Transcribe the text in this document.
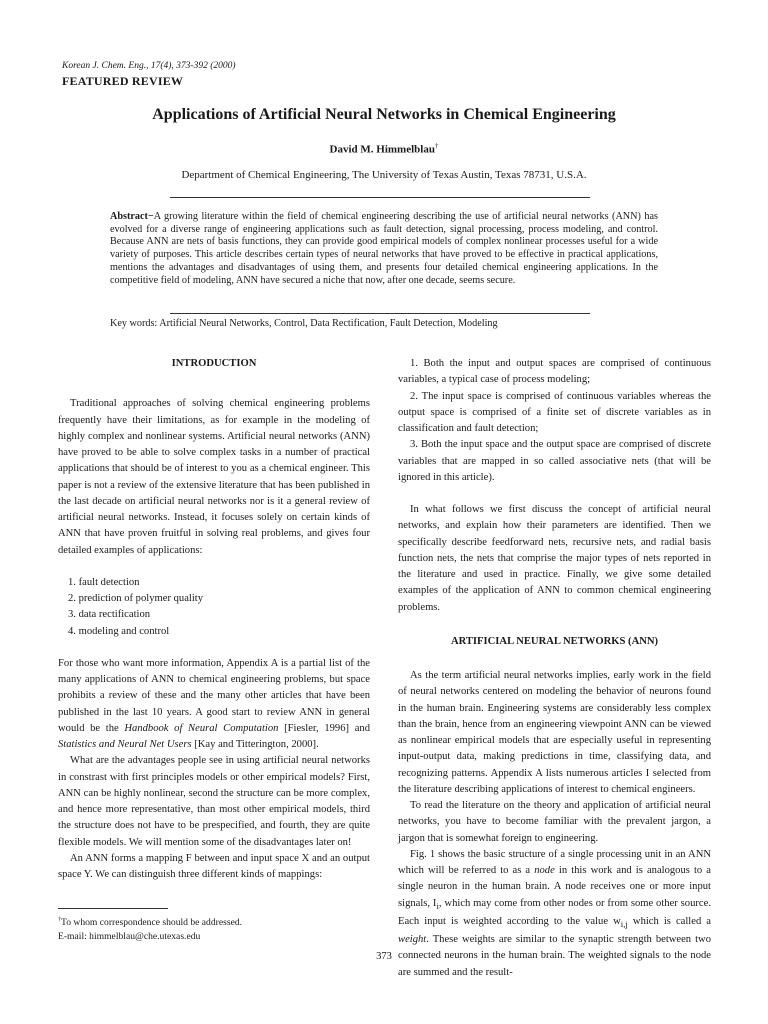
Korean J. Chem. Eng., 17(4), 373-392 (2000)
FEATURED REVIEW
Applications of Artificial Neural Networks in Chemical Engineering
David M. Himmelblau†
Department of Chemical Engineering, The University of Texas Austin, Texas 78731, U.S.A.
Abstract−A growing literature within the field of chemical engineering describing the use of artificial neural networks (ANN) has evolved for a diverse range of engineering applications such as fault detection, signal processing, process modeling, and control. Because ANN are nets of basis functions, they can provide good empirical models of complex nonlinear processes useful for a wide variety of purposes. This article describes certain types of neural networks that have proved to be effective in practical applications, mentions the advantages and disadvantages of using them, and presents four detailed chemical engineering applications. In the competitive field of modeling, ANN have secured a niche that now, after one decade, seems secure.
Key words: Artificial Neural Networks, Control, Data Rectification, Fault Detection, Modeling
INTRODUCTION

Traditional approaches of solving chemical engineering problems frequently have their limitations, as for example in the modeling of highly complex and nonlinear systems. Artificial neural networks (ANN) have proved to be able to solve complex tasks in a number of practical applications that should be of interest to you as a chemical engineer. This paper is not a review of the extensive literature that has been published in the last decade on artificial neural networks nor is it a general review of artificial neural networks. Instead, it focuses solely on certain kinds of ANN that have proven fruitful in solving real problems, and gives four detailed examples of applications:

1. fault detection
2. prediction of polymer quality
3. data rectification
4. modeling and control

For those who want more information, Appendix A is a partial list of the many applications of ANN to chemical engineering problems, but space prohibits a review of these and the many other articles that have been published in the last 10 years. A good start to review ANN in general would be the Handbook of Neural Computation [Fiesler, 1996] and Statistics and Neural Net Users [Kay and Titterington, 2000].

What are the advantages people see in using artificial neural networks in constrast with first principles models or other empirical models? First, ANN can be highly nonlinear, second the structure can be more complex, and hence more representative, than most other empirical models, third the structure does not have to be prespecified, and fourth, they are quite flexible models. We will mention some of the disadvantages later on!

An ANN forms a mapping F between and input space X and an output space Y. We can distinguish three different kinds of mappings:

1. Both the input and output spaces are comprised of continuous variables, a typical case of process modeling;

2. The input space is comprised of continuous variables whereas the output space is comprised of a finite set of discrete variables as in classification and fault detection;

3. Both the input space and the output space are comprised of discrete variables that are mapped in so called associative nets (that will be ignored in this article).

In what follows we first discuss the concept of artificial neural networks, and explain how their parameters are identified. Then we specifically describe feedforward nets, recursive nets, and radial basis function nets, the nets that comprise the major types of nets reported in the literature and used in practice. Finally, we give some detailed examples of the application of ANN to common chemical engineering problems.

ARTIFICIAL NEURAL NETWORKS (ANN)

As the term artificial neural networks implies, early work in the field of neural networks centered on modeling the behavior of neurons found in the human brain. Engineering systems are considerably less complex than the brain, hence from an engineering viewpoint ANN can be viewed as nonlinear empirical models that are especially useful in representing input-output data, making predictions in time, classifying data, and recognizing patterns. Appendix A lists numerous articles I selected from the literature describing applications of interest to chemical engineers.

To read the literature on the theory and application of artificial neural networks, you have to become familiar with the prevalent jargon, a jargon that is somewhat foreign to engineering.

Fig. 1 shows the basic structure of a single processing unit in an ANN which will be referred to as a node in this work and is analogous to a single neuron in the human brain. A node receives one or more input signals, $I_i$, which may come from other nodes or from some other source. Each input is weighted according to the value $w_{i,j}$ which is called a weight. These weights are similar to the synaptic strength between two connected neurons in the human brain. The weighted signals to the node are summed and the result-

†To whom correspondence should be addressed.
E-mail: himmelblau@che.utexas.edu
373
